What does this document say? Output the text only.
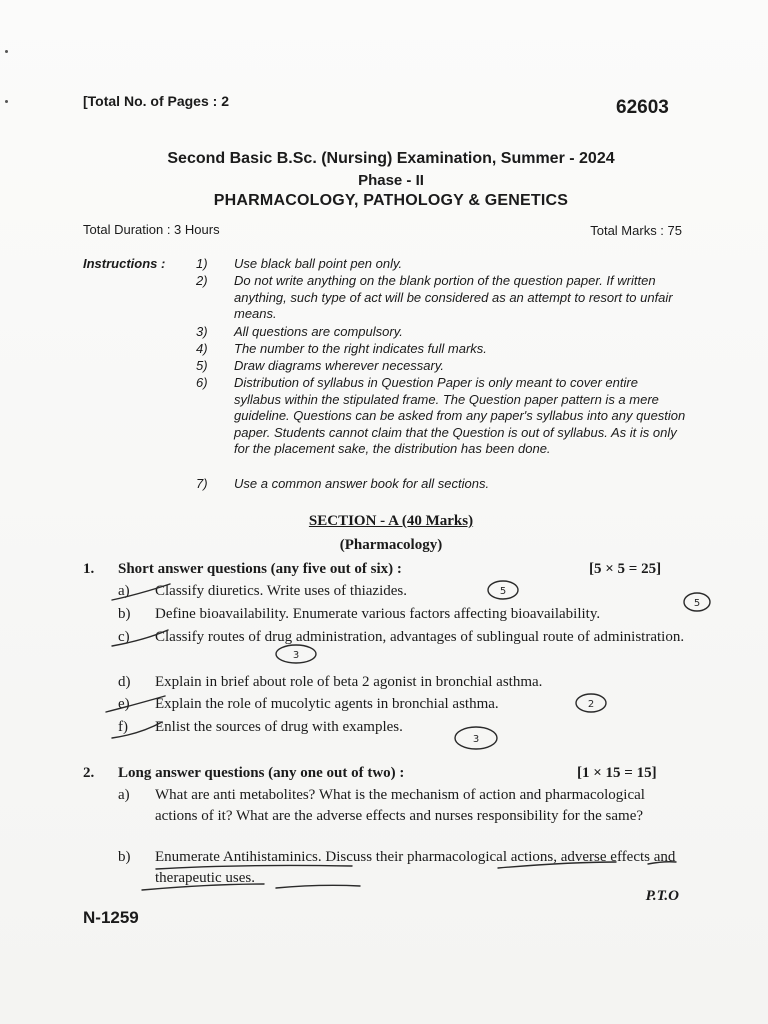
[Total No. of Pages : 2	62603
Second Basic B.Sc. (Nursing) Examination, Summer - 2024
Phase - II
PHARMACOLOGY, PATHOLOGY & GENETICS
Total Duration : 3 Hours	Total Marks : 75
Instructions : 1) Use black ball point pen only.
2) Do not write anything on the blank portion of the question paper. If written anything, such type of act will be considered as an attempt to resort to unfair means.
3) All questions are compulsory.
4) The number to the right indicates full marks.
5) Draw diagrams wherever necessary.
6) Distribution of syllabus in Question Paper is only meant to cover entire syllabus within the stipulated frame. The Question paper pattern is a mere guideline. Questions can be asked from any paper's syllabus into any question paper. Students cannot claim that the Question is out of syllabus. As it is only for the placement sake, the distribution has been done.
7) Use a common answer book for all sections.
SECTION - A (40 Marks)
(Pharmacology)
1. Short answer questions (any five out of six) :	[5 × 5 = 25]
a) Classify diuretics. Write uses of thiazides.
b) Define bioavailability. Enumerate various factors affecting bioavailability.
c) Classify routes of drug administration, advantages of sublingual route of administration.
d) Explain in brief about role of beta 2 agonist in bronchial asthma.
e) Explain the role of mucolytic agents in bronchial asthma.
f) Enlist the sources of drug with examples.
2. Long answer questions (any one out of two) :	[1 × 15 = 15]
a) What are anti metabolites? What is the mechanism of action and pharmacological actions of it? What are the adverse effects and nurses responsibility for the same?
b) Enumerate Antihistaminics. Discuss their pharmacological actions, adverse effects and therapeutic uses.
P.T.O
N-1259
5
5
3
2
3
